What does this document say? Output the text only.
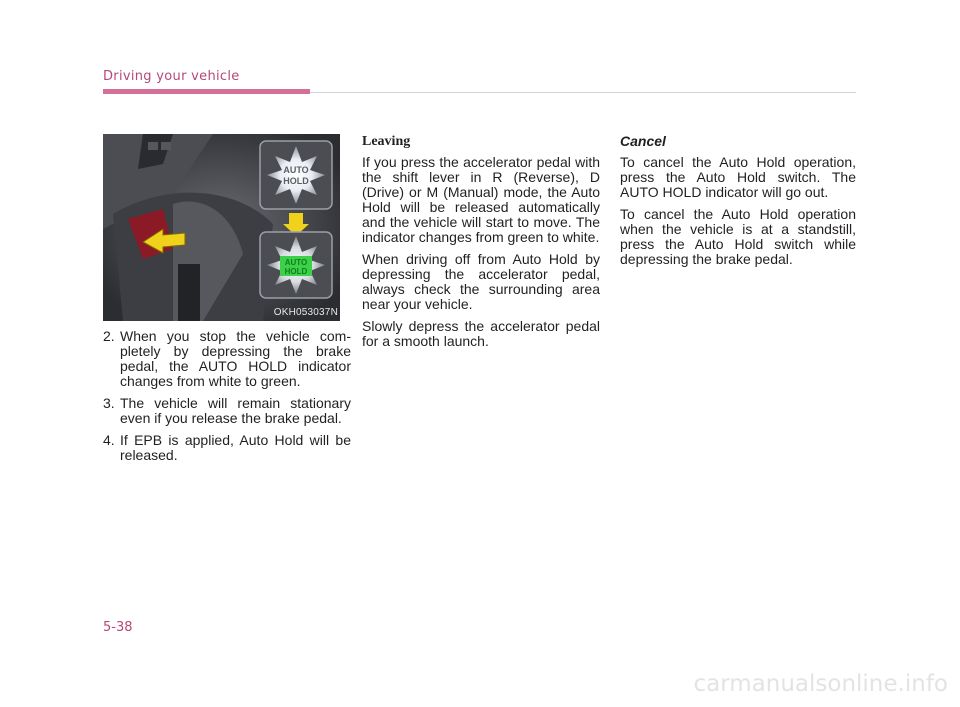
Driving your vehicle
AUTO
HOLD
AUTO
HOLD
OKH053037N
2. When you stop the vehicle com-pletely by depressing the brake pedal, the AUTO HOLD indicator changes from white to green.
3. The vehicle will remain stationary even if you release the brake pedal.
4. If EPB is applied, Auto Hold will be released.
Leaving

If you press the accelerator pedal with the shift lever in R (Reverse), D (Drive) or M (Manual) mode, the Auto Hold will be released automatically and the vehicle will start to move. The indicator changes from green to white.

When driving off from Auto Hold by depressing the accelerator pedal, always check the surrounding area near your vehicle.

Slowly depress the accelerator pedal for a smooth launch.

Cancel

To cancel the Auto Hold operation, press the Auto Hold switch. The AUTO HOLD indicator will go out.

To cancel the Auto Hold operation when the vehicle is at a standstill, press the Auto Hold switch while depressing the brake pedal.

5-38
carmanualsonline.info
